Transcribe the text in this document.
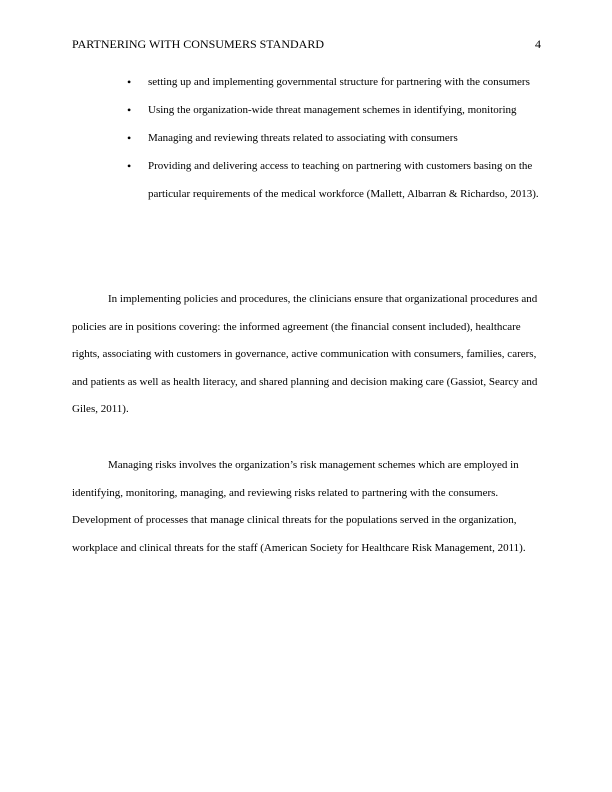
PARTNERING WITH CONSUMERS STANDARD	4
• setting up and implementing governmental structure for partnering with the consumers
• Using the organization-wide threat management schemes in identifying, monitoring
• Managing and reviewing threats related to associating with consumers
• Providing and delivering access to teaching on partnering with customers basing on the particular requirements of the medical workforce (Mallett, Albarran & Richardso, 2013).

In implementing policies and procedures, the clinicians ensure that organizational procedures and policies are in positions covering: the informed agreement (the financial consent included), healthcare rights, associating with customers in governance, active communication with consumers, families, carers, and patients as well as health literacy, and shared planning and decision making care (Gassiot, Searcy and Giles, 2011).

Managing risks involves the organization’s risk management schemes which are employed in identifying, monitoring, managing, and reviewing risks related to partnering with the consumers. Development of processes that manage clinical threats for the populations served in the organization, workplace and clinical threats for the staff (American Society for Healthcare Risk Management, 2011).
